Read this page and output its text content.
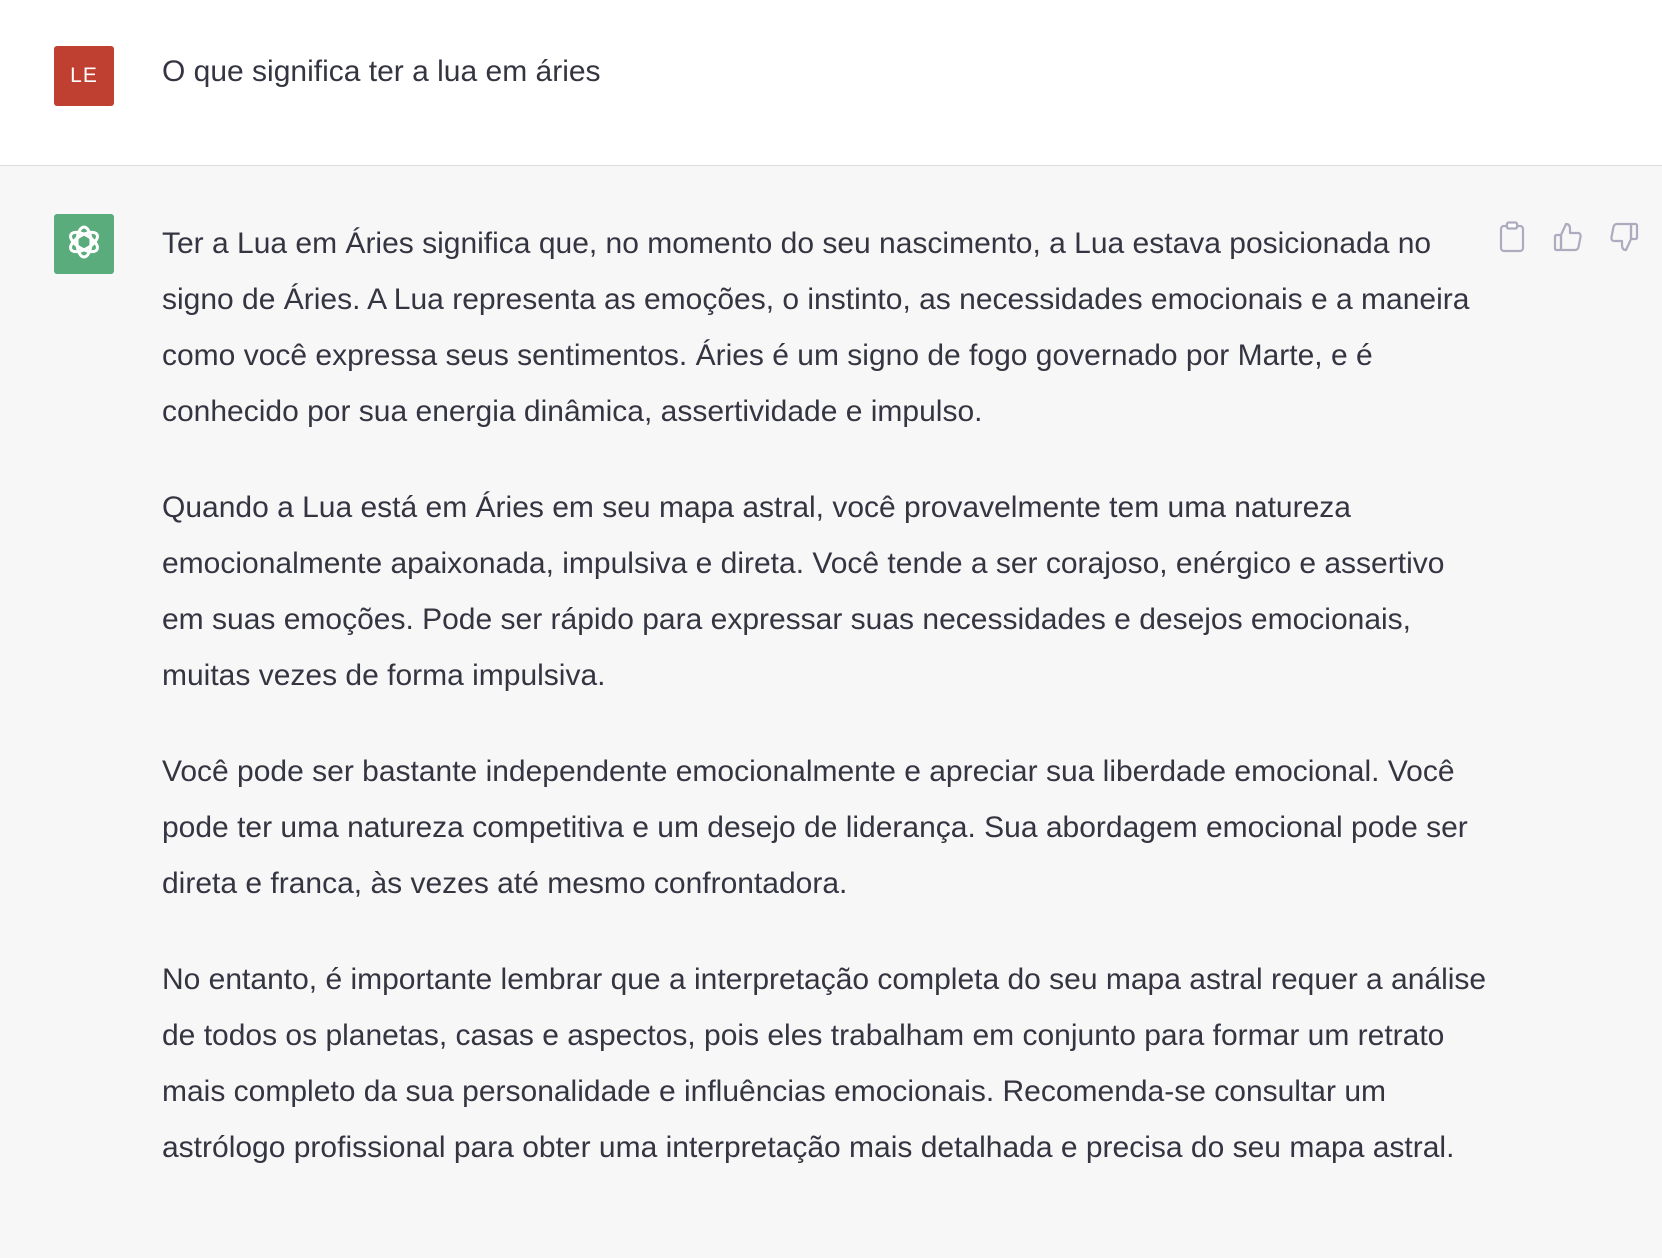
LE O que significa ter a lua em áries

Ter a Lua em Áries significa que, no momento do seu nascimento, a Lua estava posicionada no signo de Áries. A Lua representa as emoções, o instinto, as necessidades emocionais e a maneira como você expressa seus sentimentos. Áries é um signo de fogo governado por Marte, e é conhecido por sua energia dinâmica, assertividade e impulso.

Quando a Lua está em Áries em seu mapa astral, você provavelmente tem uma natureza emocionalmente apaixonada, impulsiva e direta. Você tende a ser corajoso, enérgico e assertivo em suas emoções. Pode ser rápido para expressar suas necessidades e desejos emocionais, muitas vezes de forma impulsiva.

Você pode ser bastante independente emocionalmente e apreciar sua liberdade emocional. Você pode ter uma natureza competitiva e um desejo de liderança. Sua abordagem emocional pode ser direta e franca, às vezes até mesmo confrontadora.

No entanto, é importante lembrar que a interpretação completa do seu mapa astral requer a análise de todos os planetas, casas e aspectos, pois eles trabalham em conjunto para formar um retrato mais completo da sua personalidade e influências emocionais. Recomenda-se consultar um astrólogo profissional para obter uma interpretação mais detalhada e precisa do seu mapa astral.
